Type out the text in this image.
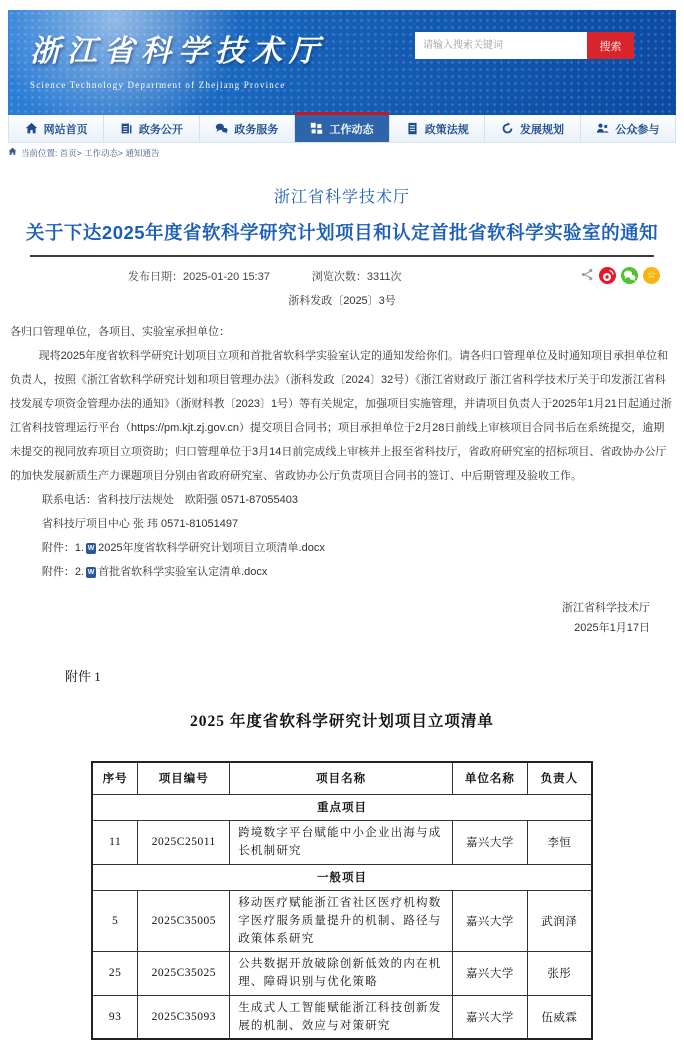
浙江省科学技术厅
Science Technology Department of Zhejiang Province
请输入搜索关键词
搜索
网站首页	政务公开	政务服务	工作动态	政策法规	发展规划	公众参与
当前位置: 首页> 工作动态> 通知通告
浙江省科学技术厅
关于下达2025年度省软科学研究计划项目和认定首批省软科学实验室的通知
发布日期：2025-01-20 15:37	浏览次数：3311次	☆
浙科发政〔2025〕3号

各归口管理单位，各项目、实验室承担单位：

现将2025年度省软科学研究计划项目立项和首批省软科学实验室认定的通知发给你们。请各归口管理单位及时通知项目承担单位和负责人，按照《浙江省软科学研究计划和项目管理办法》（浙科发政〔2024〕32号）《浙江省财政厅 浙江省科学技术厅关于印发浙江省科技发展专项资金管理办法的通知》（浙财科教〔2023〕1号）等有关规定，加强项目实施管理，并请项目负责人于2025年1月21日起通过浙江省科技管理运行平台（https://pm.kjt.zj.gov.cn）提交项目合同书；项目承担单位于2月28日前线上审核项目合同书后在系统提交，逾期未提交的视同放弃项目立项资助；归口管理单位于3月14日前完成线上审核并上报至省科技厅，省政府研究室的招标项目、省政协办公厅的加快发展新质生产力课题项目分别由省政府研究室、省政协办公厅负责项目合同书的签订、中后期管理及验收工作。

联系电话：省科技厅法规处　欧阳强 0571-87055403

省科技厅项目中心 张 玮 0571-81051497

附件：1. W 2025年度省软科学研究计划项目立项清单.docx

附件：2. W 首批省软科学实验室认定清单.docx

浙江省科学技术厅
2025年1月17日
附件 1
2025 年度省软科学研究计划项目立项清单
序号	项目编号	项目名称	单位名称	负责人
重点项目				
11	2025C25011	跨境数字平台赋能中小企业出海与成长机制研究	嘉兴大学	李恒
一般项目				
5	2025C35005	移动医疗赋能浙江省社区医疗机构数字医疗服务质量提升的机制、路径与政策体系研究	嘉兴大学	武润泽
25	2025C35025	公共数据开放破除创新低效的内在机理、障碍识别与优化策略	嘉兴大学	张彤
93	2025C35093	生成式人工智能赋能浙江科技创新发展的机制、效应与对策研究	嘉兴大学	伍威霖
